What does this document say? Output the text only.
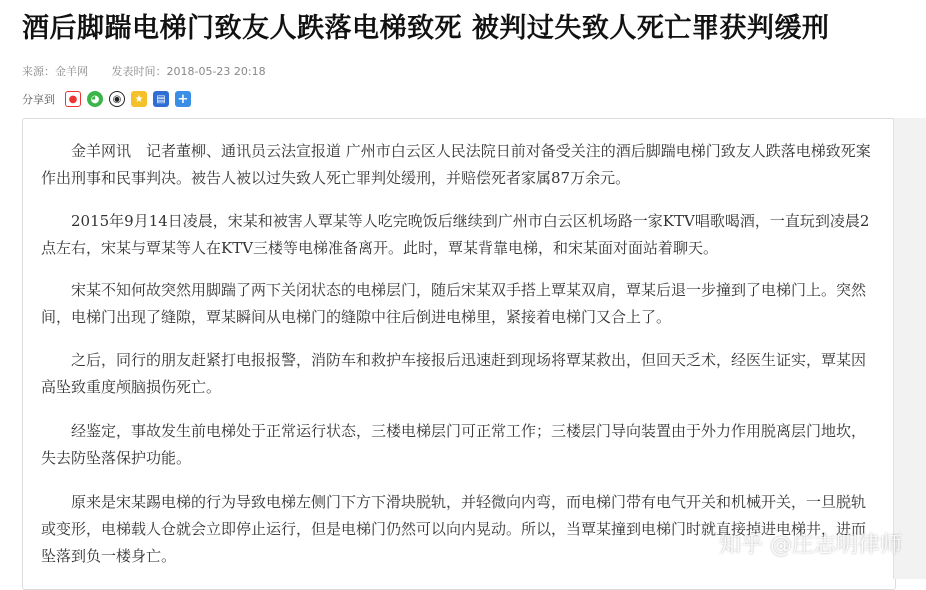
酒后脚踹电梯门致友人跌落电梯致死 被判过失致人死亡罪获判缓刑
来源：金羊网 发表时间：2018-05-23 20:18
分享到	●	◕	◉	★	▤ +
金羊网讯　记者董柳、通讯员云法宣报道 广州市白云区人民法院日前对备受关注的酒后脚踹电梯门致友人跌落电梯致死案作出刑事和民事判决。被告人被以过失致人死亡罪判处缓刑，并赔偿死者家属87万余元。
2015年9月14日凌晨，宋某和被害人覃某等人吃完晚饭后继续到广州市白云区机场路一家KTV唱歌喝酒，一直玩到凌晨2点左右，宋某与覃某等人在KTV三楼等电梯准备离开。此时，覃某背靠电梯，和宋某面对面站着聊天。
宋某不知何故突然用脚踹了两下关闭状态的电梯层门，随后宋某双手搭上覃某双肩，覃某后退一步撞到了电梯门上。突然间，电梯门出现了缝隙，覃某瞬间从电梯门的缝隙中往后倒进电梯里，紧接着电梯门又合上了。
之后，同行的朋友赶紧打电报报警，消防车和救护车接报后迅速赶到现场将覃某救出，但回天乏术，经医生证实，覃某因高坠致重度颅脑损伤死亡。
经鉴定，事故发生前电梯处于正常运行状态，三楼电梯层门可正常工作；三楼层门导向装置由于外力作用脱离层门地坎，失去防坠落保护功能。
原来是宋某踢电梯的行为导致电梯左侧门下方下滑块脱轨，并轻微向内弯，而电梯门带有电气开关和机械开关，一旦脱轨或变形，电梯载人仓就会立即停止运行，但是电梯门仍然可以向内晃动。所以，当覃某撞到电梯门时就直接掉进电梯井，进而坠落到负一楼身亡。	知乎 @庄志明律师
